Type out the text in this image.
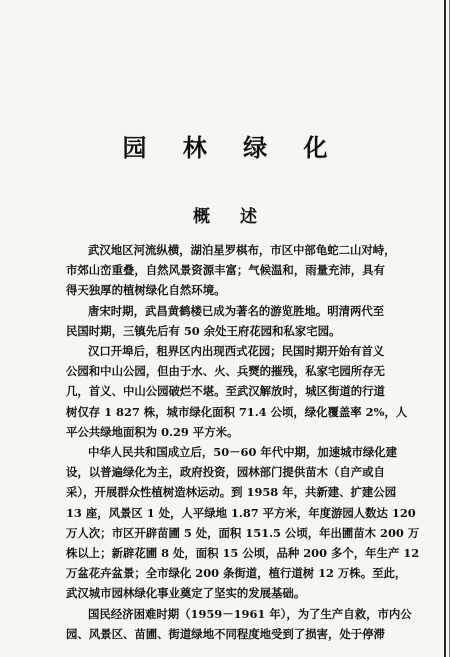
园 林 绿 化
概 述

武汉地区河流纵横，湖泊星罗棋布，市区中部龟蛇二山对峙，
市郊山峦重叠，自然风景资源丰富；气候温和，雨量充沛，具有
得天独厚的植树绿化自然环境。

唐宋时期，武昌黄鹤楼已成为著名的游览胜地。明清两代至
民国时期，三镇先后有 50 余处王府花园和私家宅园。

汉口开埠后，租界区内出现西式花园；民国时期开始有首义
公园和中山公园，但由于水、火、兵燹的摧残，私家宅园所存无
几，首义、中山公园破烂不堪。至武汉解放时，城区街道的行道
树仅存 1 827 株，城市绿化面积 71.4 公顷，绿化覆盖率 2%，人
平公共绿地面积为 0.29 平方米。

中华人民共和国成立后，50－60 年代中期，加速城市绿化建
设，以普遍绿化为主，政府投资，园林部门提供苗木（自产或自
采），开展群众性植树造林运动。到 1958 年，共新建、扩建公园
13 座，风景区 1 处，人平绿地 1.87 平方米，年度游园人数达 120
万人次；市区开辟苗圃 5 处，面积 151.5 公顷，年出圃苗木 200 万
株以上；新辟花圃 8 处，面积 15 公顷，品种 200 多个，年生产 12
万盆花卉盆景；全市绿化 200 条街道，植行道树 12 万株。至此，
武汉城市园林绿化事业奠定了坚实的发展基础。

国民经济困难时期（1959－1961 年），为了生产自救，市内公
园、风景区、苗圃、街道绿地不同程度地受到了损害，处于停滞
